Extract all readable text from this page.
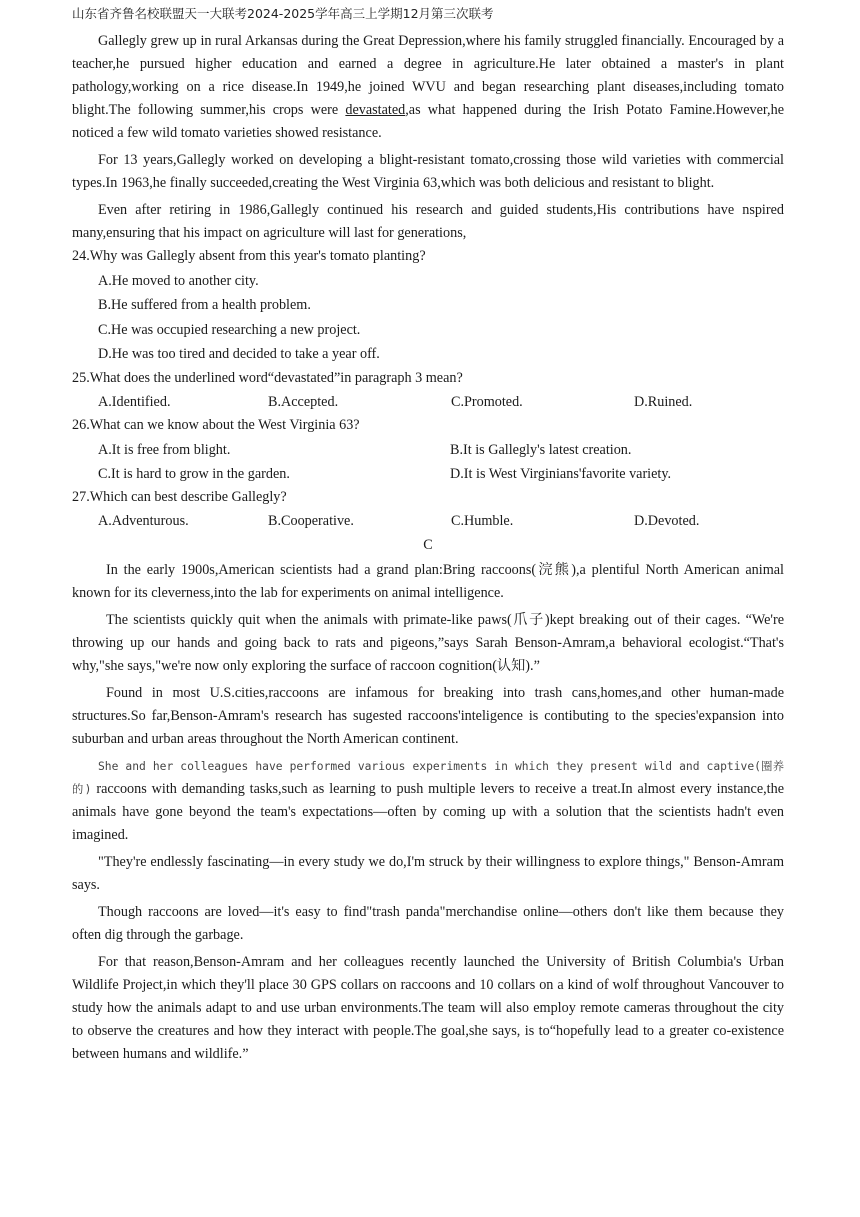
山东省齐鲁名校联盟天一大联考2024-2025学年高三上学期12月第三次联考

Gallegly grew up in rural Arkansas during the Great Depression,where his family struggled financially. Encouraged by a teacher,he pursued higher education and earned a degree in agriculture.He later obtained a master's in plant pathology,working on a rice disease.In 1949,he joined WVU and began researching plant diseases,including tomato blight.The following summer,his crops were devastated,as what happened during the Irish Potato Famine.However,he noticed a few wild tomato varieties showed resistance.

For 13 years,Gallegly worked on developing a blight-resistant tomato,crossing those wild varieties with commercial types.In 1963,he finally succeeded,creating the West Virginia 63,which was both delicious and resistant to blight.

Even after retiring in 1986,Gallegly continued his research and guided students,His contributions have nspired many,ensuring that his impact on agriculture will last for generations,

24.Why was Gallegly absent from this year's tomato planting?

A.He moved to another city.
B.He suffered from a health problem.
C.He was occupied researching a new project.
D.He was too tired and decided to take a year off.

25.What does the underlined word“devastated”in paragraph 3 mean?

A.Identified.	B.Accepted.	C.Promoted.	D.Ruined.

26.What can we know about the West Virginia 63?

A.It is free from blight.	B.It is Gallegly's latest creation.
C.It is hard to grow in the garden.	D.It is West Virginians'favorite variety.

27.Which can best describe Gallegly?

A.Adventurous.	B.Cooperative.	C.Humble.	D.Devoted.
C

In the early 1900s,American scientists had a grand plan:Bring raccoons(浣熊),a plentiful North American animal known for its cleverness,into the lab for experiments on animal intelligence.

The scientists quickly quit when the animals with primate-like paws(爪子)kept breaking out of their cages. “We're throwing up our hands and going back to rats and pigeons,”says Sarah Benson-Amram,a behavioral ecologist.“That's why,"she says,"we're now only exploring the surface of raccoon cognition(认知).”

Found in most U.S.cities,raccoons are infamous for breaking into trash cans,homes,and other human-made structures.So far,Benson-Amram's research has sugested raccoons'inteligence is contibuting to the species'expansion into suburban and urban areas throughout the North American continent.

She and her colleagues have performed various experiments in which they present wild and captive(圈养的) raccoons with demanding tasks,such as learning to push multiple levers to receive a treat.In almost every instance,the animals have gone beyond the team's expectations—often by coming up with a solution that the scientists hadn't even imagined.

"They're endlessly fascinating—in every study we do,I'm struck by their willingness to explore things," Benson-Amram says.

Though raccoons are loved—it's easy to find"trash panda"merchandise online—others don't like them because they often dig through the garbage.

For that reason,Benson-Amram and her colleagues recently launched the University of British Columbia's Urban Wildlife Project,in which they'll place 30 GPS collars on raccoons and 10 collars on a kind of wolf throughout Vancouver to study how the animals adapt to and use urban environments.The team will also employ remote cameras throughout the city to observe the creatures and how they interact with people.The goal,she says, is to“hopefully lead to a greater co-existence between humans and wildlife.”
